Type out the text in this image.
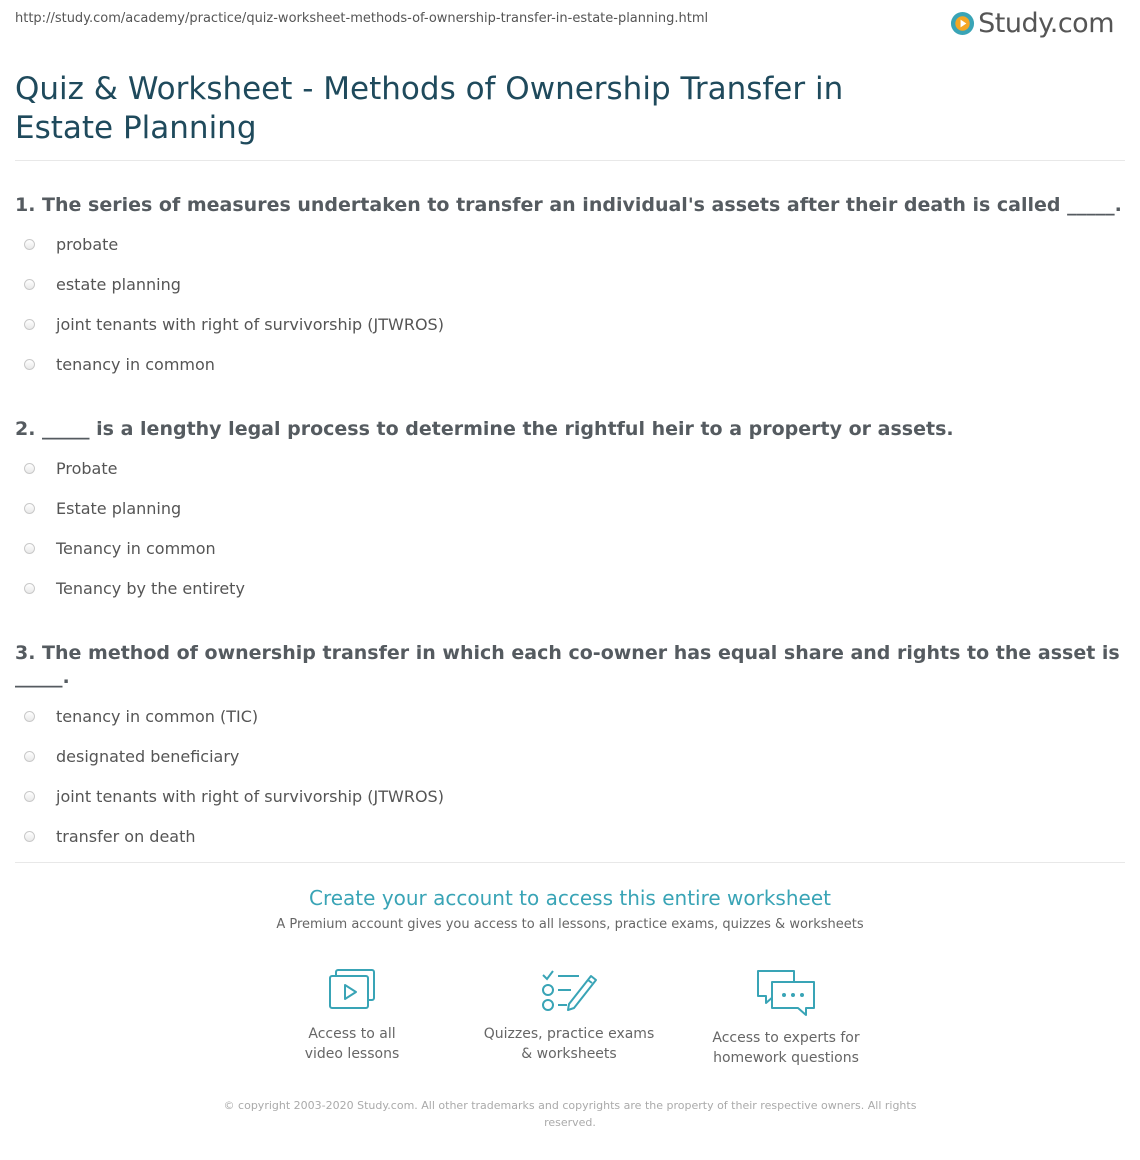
http://study.com/academy/practice/quiz-worksheet-methods-of-ownership-transfer-in-estate-planning.html	Study.com
Quiz & Worksheet - Methods of Ownership Transfer in Estate Planning

1. The series of measures undertaken to transfer an individual's assets after their death is called _____.

probate
estate planning
joint tenants with right of survivorship (JTWROS)
tenancy in common

2. _____ is a lengthy legal process to determine the rightful heir to a property or assets.

Probate
Estate planning
Tenancy in common
Tenancy by the entirety

3. The method of ownership transfer in which each co-owner has equal share and rights to the asset is _____.

tenancy in common (TIC)
designated beneficiary
joint tenants with right of survivorship (JTWROS)
transfer on death
Create your account to access this entire worksheet
A Premium account gives you access to all lessons, practice exams, quizzes & worksheets
Access to all
video lessons
Quizzes, practice exams
& worksheets
Access to experts for
homework questions
© copyright 2003-2020 Study.com. All other trademarks and copyrights are the property of their respective owners. All rights reserved.
